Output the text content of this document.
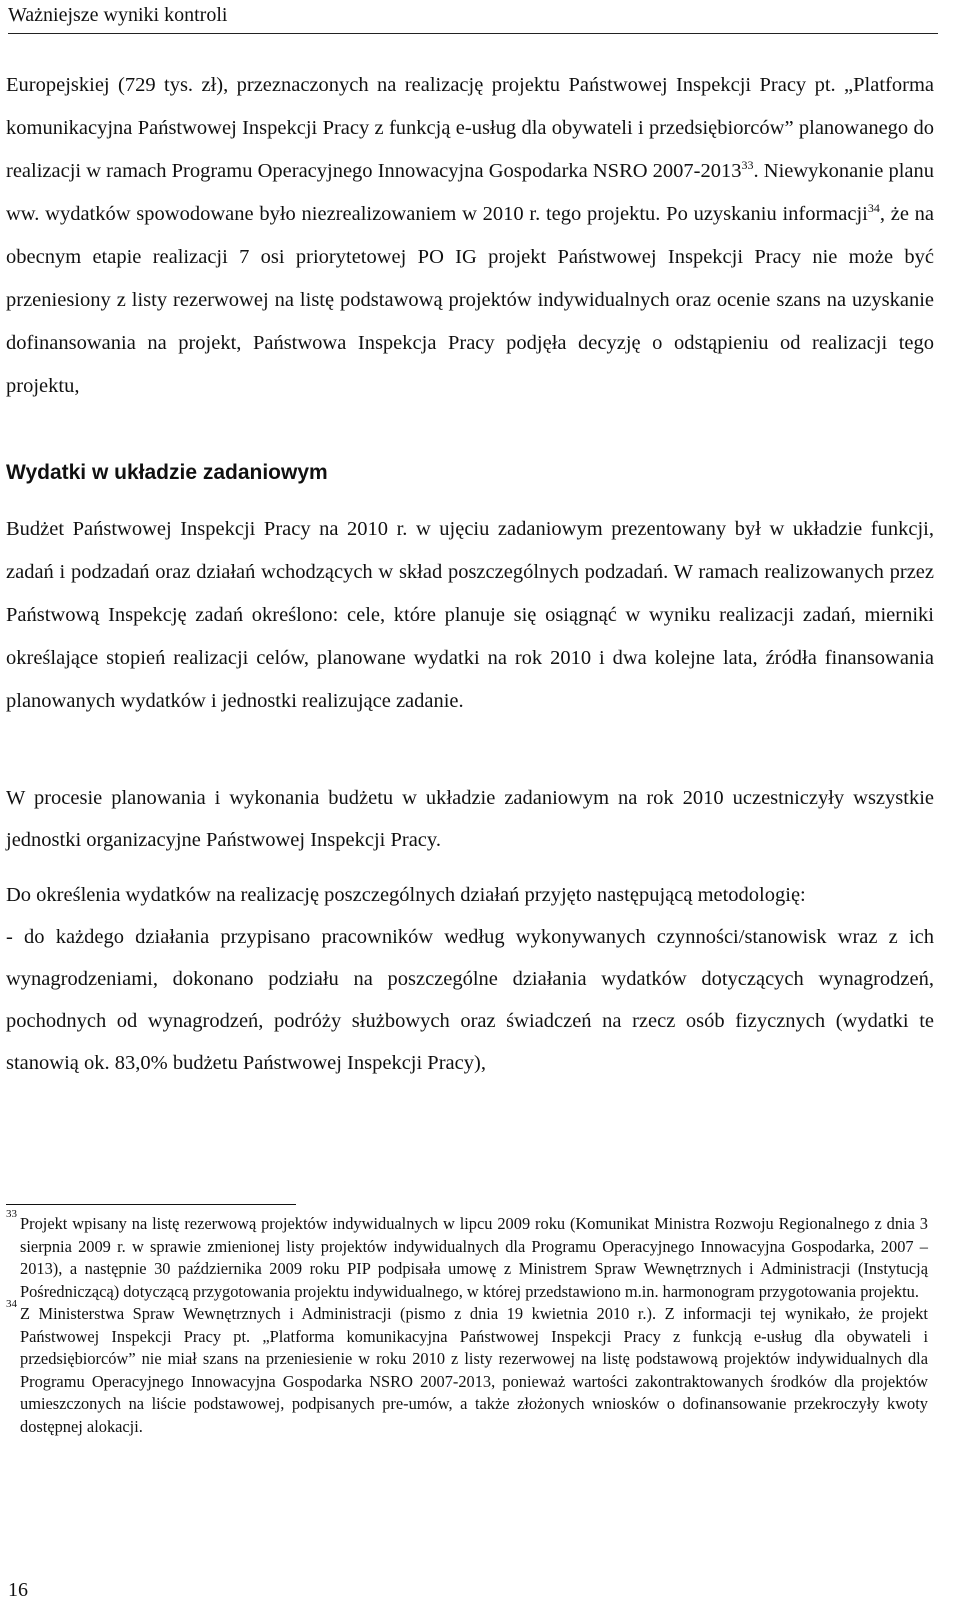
Ważniejsze wyniki kontroli

Europejskiej (729 tys. zł), przeznaczonych na realizację projektu Państwowej Inspekcji Pracy pt. „Platforma komunikacyjna Państwowej Inspekcji Pracy z funkcją e-usług dla obywateli i przedsiębiorców” planowanego do realizacji w ramach Programu Operacyjnego Innowacyjna Gospodarka NSRO 2007-2013$^{33}$. Niewykonanie planu ww. wydatków spowodowane było niezrealizowaniem w 2010 r. tego projektu. Po uzyskaniu informacji$^{34}$, że na obecnym etapie realizacji 7 osi priorytetowej PO IG projekt Państwowej Inspekcji Pracy nie może być przeniesiony z listy rezerwowej na listę podstawową projektów indywidualnych oraz ocenie szans na uzyskanie dofinansowania na projekt, Państwowa Inspekcja Pracy podjęła decyzję o odstąpieniu od realizacji tego projektu,

Wydatki w układzie zadaniowym

Budżet Państwowej Inspekcji Pracy na 2010 r. w ujęciu zadaniowym prezentowany był w układzie funkcji, zadań i podzadań oraz działań wchodzących w skład poszczególnych podzadań. W ramach realizowanych przez Państwową Inspekcję zadań określono: cele, które planuje się osiągnąć w wyniku realizacji zadań, mierniki określające stopień realizacji celów, planowane wydatki na rok 2010 i dwa kolejne lata, źródła finansowania planowanych wydatków i jednostki realizujące zadanie.

W procesie planowania i wykonania budżetu w układzie zadaniowym na rok 2010 uczestniczyły wszystkie jednostki organizacyjne Państwowej Inspekcji Pracy.

Do określenia wydatków na realizację poszczególnych działań przyjęto następującą metodologię:

- do każdego działania przypisano pracowników według wykonywanych czynności/stanowisk wraz z ich wynagrodzeniami, dokonano podziału na poszczególne działania wydatków dotyczących wynagrodzeń, pochodnych od wynagrodzeń, podróży służbowych oraz świadczeń na rzecz osób fizycznych (wydatki te stanowią ok. 83,0% budżetu Państwowej Inspekcji Pracy),

33 Projekt wpisany na listę rezerwową projektów indywidualnych w lipcu 2009 roku (Komunikat Ministra Rozwoju Regionalnego z dnia 3 sierpnia 2009 r. w sprawie zmienionej listy projektów indywidualnych dla Programu Operacyjnego Innowacyjna Gospodarka, 2007 – 2013), a następnie 30 października 2009 roku PIP podpisała umowę z Ministrem Spraw Wewnętrznych i Administracji (Instytucją Pośredniczącą) dotyczącą przygotowania projektu indywidualnego, w której przedstawiono m.in. harmonogram przygotowania projektu.
34 Z Ministerstwa Spraw Wewnętrznych i Administracji (pismo z dnia 19 kwietnia 2010 r.). Z informacji tej wynikało, że projekt Państwowej Inspekcji Pracy pt. „Platforma komunikacyjna Państwowej Inspekcji Pracy z funkcją e-usług dla obywateli i przedsiębiorców” nie miał szans na przeniesienie w roku 2010 z listy rezerwowej na listę podstawową projektów indywidualnych dla Programu Operacyjnego Innowacyjna Gospodarka NSRO 2007-2013, ponieważ wartości zakontraktowanych środków dla projektów umieszczonych na liście podstawowej, podpisanych pre-umów, a także złożonych wniosków o dofinansowanie przekroczyły kwoty dostępnej alokacji.
16
